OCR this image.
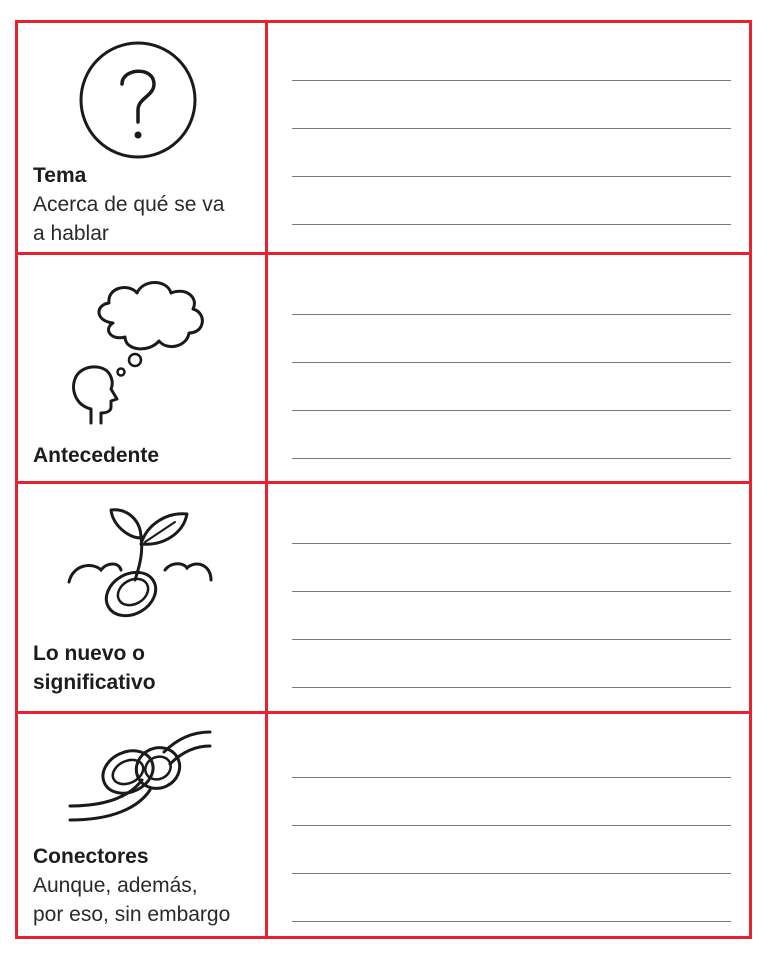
Tema
Acerca de qué se va
a hablar
Antecedente
Lo nuevo o
significativo
Conectores
Aunque, además,
por eso, sin embargo
